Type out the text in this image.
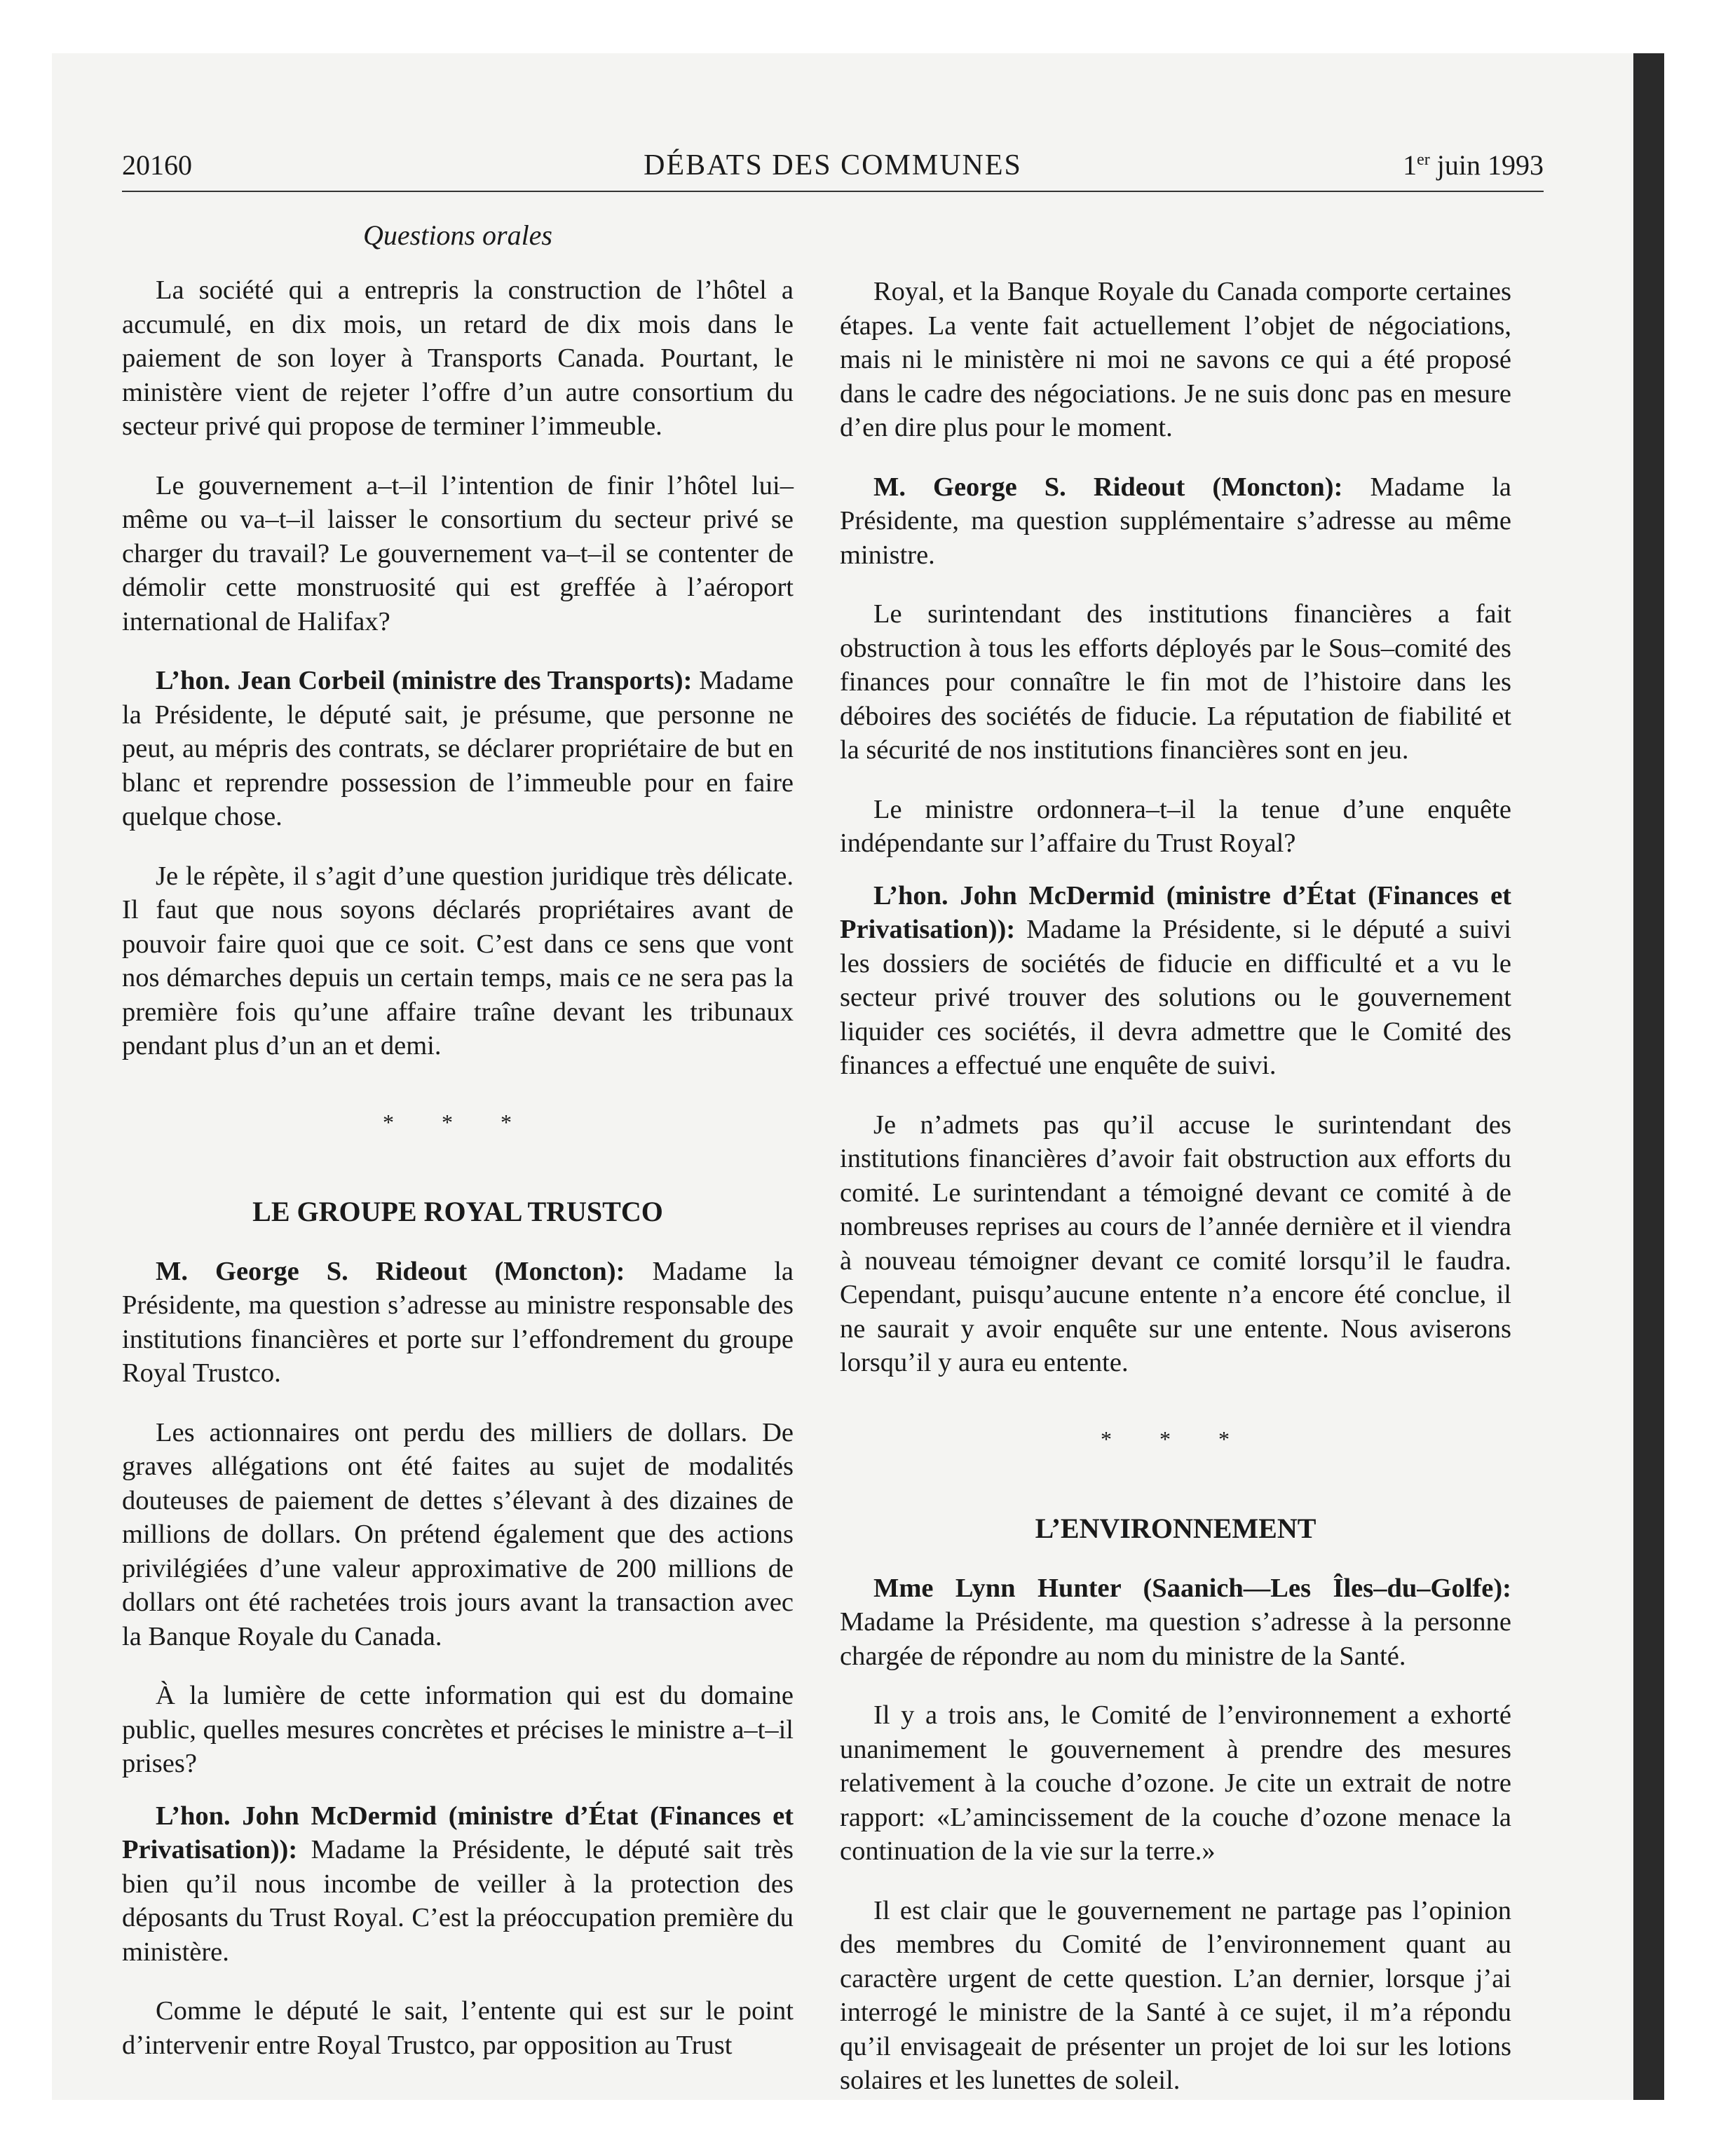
20160	DÉBATS DES COMMUNES	1er juin 1993
Questions orales

La société qui a entrepris la construction de l’hôtel a accumulé, en dix mois, un retard de dix mois dans le paiement de son loyer à Transports Canada. Pourtant, le ministère vient de rejeter l’offre d’un autre consortium du secteur privé qui propose de terminer l’immeuble.

Le gouvernement a–t–il l’intention de finir l’hôtel lui–même ou va–t–il laisser le consortium du secteur privé se charger du travail? Le gouvernement va–t–il se contenter de démolir cette monstruosité qui est greffée à l’aéroport international de Halifax?

L’hon. Jean Corbeil (ministre des Transports): Madame la Présidente, le député sait, je présume, que personne ne peut, au mépris des contrats, se déclarer propriétaire de but en blanc et reprendre possession de l’immeuble pour en faire quelque chose.

Je le répète, il s’agit d’une question juridique très délicate. Il faut que nous soyons déclarés propriétaires avant de pouvoir faire quoi que ce soit. C’est dans ce sens que vont nos démarches depuis un certain temps, mais ce ne sera pas la première fois qu’une affaire traîne devant les tribunaux pendant plus d’un an et demi.

* * *
LE GROUPE ROYAL TRUSTCO

M. George S. Rideout (Moncton): Madame la Présidente, ma question s’adresse au ministre responsable des institutions financières et porte sur l’effondrement du groupe Royal Trustco.

Les actionnaires ont perdu des milliers de dollars. De graves allégations ont été faites au sujet de modalités douteuses de paiement de dettes s’élevant à des dizaines de millions de dollars. On prétend également que des actions privilégiées d’une valeur approximative de 200 millions de dollars ont été rachetées trois jours avant la transaction avec la Banque Royale du Canada.

À la lumière de cette information qui est du domaine public, quelles mesures concrètes et précises le ministre a–t–il prises?

L’hon. John McDermid (ministre d’État (Finances et Privatisation)): Madame la Présidente, le député sait très bien qu’il nous incombe de veiller à la protection des déposants du Trust Royal. C’est la préoccupation première du ministère.

Comme le député le sait, l’entente qui est sur le point d’intervenir entre Royal Trustco, par opposition au Trust

Royal, et la Banque Royale du Canada comporte certaines étapes. La vente fait actuellement l’objet de négociations, mais ni le ministère ni moi ne savons ce qui a été proposé dans le cadre des négociations. Je ne suis donc pas en mesure d’en dire plus pour le moment.

M. George S. Rideout (Moncton): Madame la Présidente, ma question supplémentaire s’adresse au même ministre.

Le surintendant des institutions financières a fait obstruction à tous les efforts déployés par le Sous–comité des finances pour connaître le fin mot de l’histoire dans les déboires des sociétés de fiducie. La réputation de fiabilité et la sécurité de nos institutions financières sont en jeu.

Le ministre ordonnera–t–il la tenue d’une enquête indépendante sur l’affaire du Trust Royal?

L’hon. John McDermid (ministre d’État (Finances et Privatisation)): Madame la Présidente, si le député a suivi les dossiers de sociétés de fiducie en difficulté et a vu le secteur privé trouver des solutions ou le gouvernement liquider ces sociétés, il devra admettre que le Comité des finances a effectué une enquête de suivi.

Je n’admets pas qu’il accuse le surintendant des institutions financières d’avoir fait obstruction aux efforts du comité. Le surintendant a témoigné devant ce comité à de nombreuses reprises au cours de l’année dernière et il viendra à nouveau témoigner devant ce comité lorsqu’il le faudra. Cependant, puisqu’aucune entente n’a encore été conclue, il ne saurait y avoir enquête sur une entente. Nous aviserons lorsqu’il y aura eu entente.

* * *
L’ENVIRONNEMENT

Mme Lynn Hunter (Saanich—Les Îles–du–Golfe): Madame la Présidente, ma question s’adresse à la personne chargée de répondre au nom du ministre de la Santé.

Il y a trois ans, le Comité de l’environnement a exhorté unanimement le gouvernement à prendre des mesures relativement à la couche d’ozone. Je cite un extrait de notre rapport: «L’amincissement de la couche d’ozone menace la continuation de la vie sur la terre.»

Il est clair que le gouvernement ne partage pas l’opinion des membres du Comité de l’environnement quant au caractère urgent de cette question. L’an dernier, lorsque j’ai interrogé le ministre de la Santé à ce sujet, il m’a répondu qu’il envisageait de présenter un projet de loi sur les lotions solaires et les lunettes de soleil.
